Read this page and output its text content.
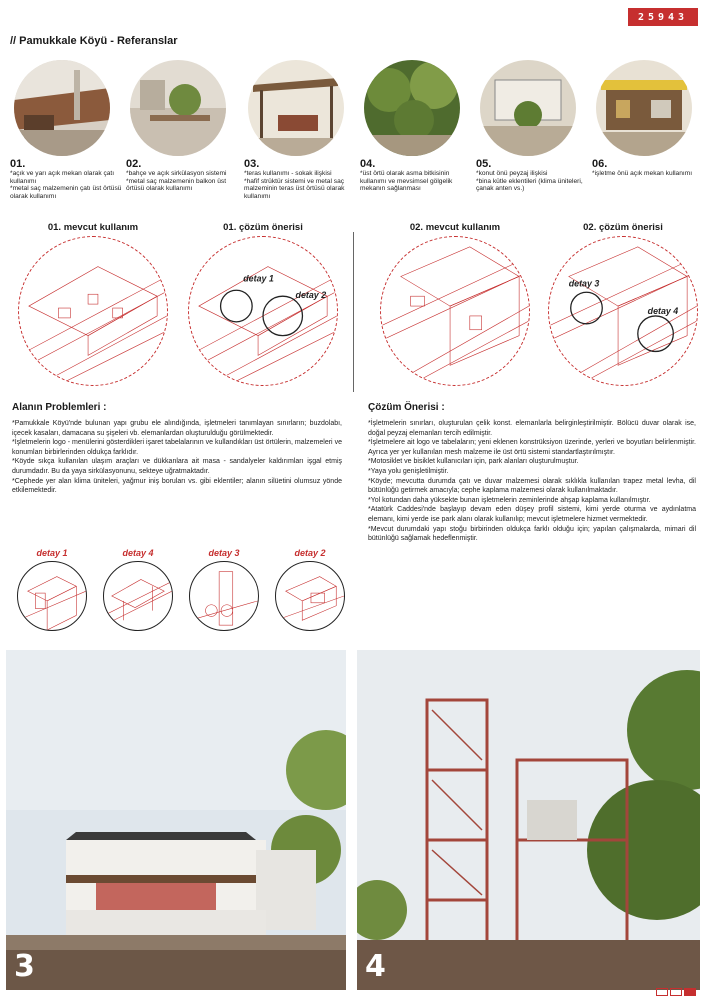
25943
// Pamukkale Köyü - Referanslar
01.
*açık ve yarı açık mekan olarak çatı kullanımı
*metal saç malzemenin çatı üst örtüsü olarak kullanımı
02.
*bahçe ve açık sirkülasyon sistemi
*metal saç malzemenin balkon üst örtüsü olarak kullanımı
03.
*teras kullanımı - sokak ilişkisi
*hafif strüktür sistemi ve metal saç malzeminin teras üst örtüsü olarak kullanımı
04.
*üst örtü olarak asma bitkisinin kullanımı ve mevsimsel gölgelik mekanın sağlanması
05.
*konut önü peyzaj ilişkisi
*bina kütle eklentileri (klima üniteleri, çanak anten vs.)
06.
*işletme önü açık mekan kullanımı
01. mevcut kullanım	01. çözüm önerisi	02. mevcut kullanım	02. çözüm önerisi
detay 1
detay 2
detay 3
detay 4
Alanın Problemleri :
*Pamukkale Köyü'nde bulunan yapı grubu ele alındığında, işletmeleri tanımlayan sınırların; buzdolabı, içecek kasaları, damacana su şişeleri vb. elemanlardan oluşturulduğu görülmektedir.
*İşletmelerin logo - menülerini gösterdikleri işaret tabelalarının ve kullandıkları üst örtülerin, malzemeleri ve konumları birbirlerinden oldukça farklıdır.
*Köyde sıkça kullanılan ulaşım araçları ve dükkanlara ait masa - sandalyeler kaldırımları işgal etmiş durumdadır. Bu da yaya sirkülasyonunu, sekteye uğratmaktadır.
*Cephede yer alan klima üniteleri, yağmur iniş boruları vs. gibi eklentiler; alanın silüetini olumsuz yönde etkilemektedir.
Çözüm Önerisi :
*İşletmelerin sınırları, oluşturulan çelik konst. elemanlarla belirginleştirilmiştir. Bölücü duvar olarak ise, doğal peyzaj elemanları tercih edilmiştir.
*İşletmelere ait logo ve tabelaların; yeni eklenen konstrüksiyon üzerinde, yerleri ve boyutları belirlenmiştir. Ayrıca yer yer kullanılan mesh malzeme ile üst örtü sistemi standartlaştırılmıştır.
*Motosiklet ve bisiklet kullanıcıları için, park alanları oluşturulmuştur.
*Yaya yolu genişletilmiştir.
*Köyde; mevcutta durumda çatı ve duvar malzemesi olarak sıklıkla kullanılan trapez metal levha, dil bütünlüğü getirmek amacıyla; cephe kaplama malzemesi olarak kullanılmaktadır.
*Yol kotundan daha yüksekte bunan işletmelerin zeminlerinde ahşap kaplama kullanılmıştır.
*Atatürk Caddesi'nde başlayıp devam eden düşey profil sistemi, kimi yerde oturma ve aydınlatma elemanı, kimi yerde ise park alanı olarak kullanılıp; mevcut işletmelere hizmet vermektedir.
*Mevcut durumdaki yapı stoğu birbirinden oldukça farklı olduğu için; yapılan çalışmalarda, mimari dil bütünlüğü sağlamak hedeflenmiştir.
detay 1	detay 4	detay 3	detay 2
3	4
